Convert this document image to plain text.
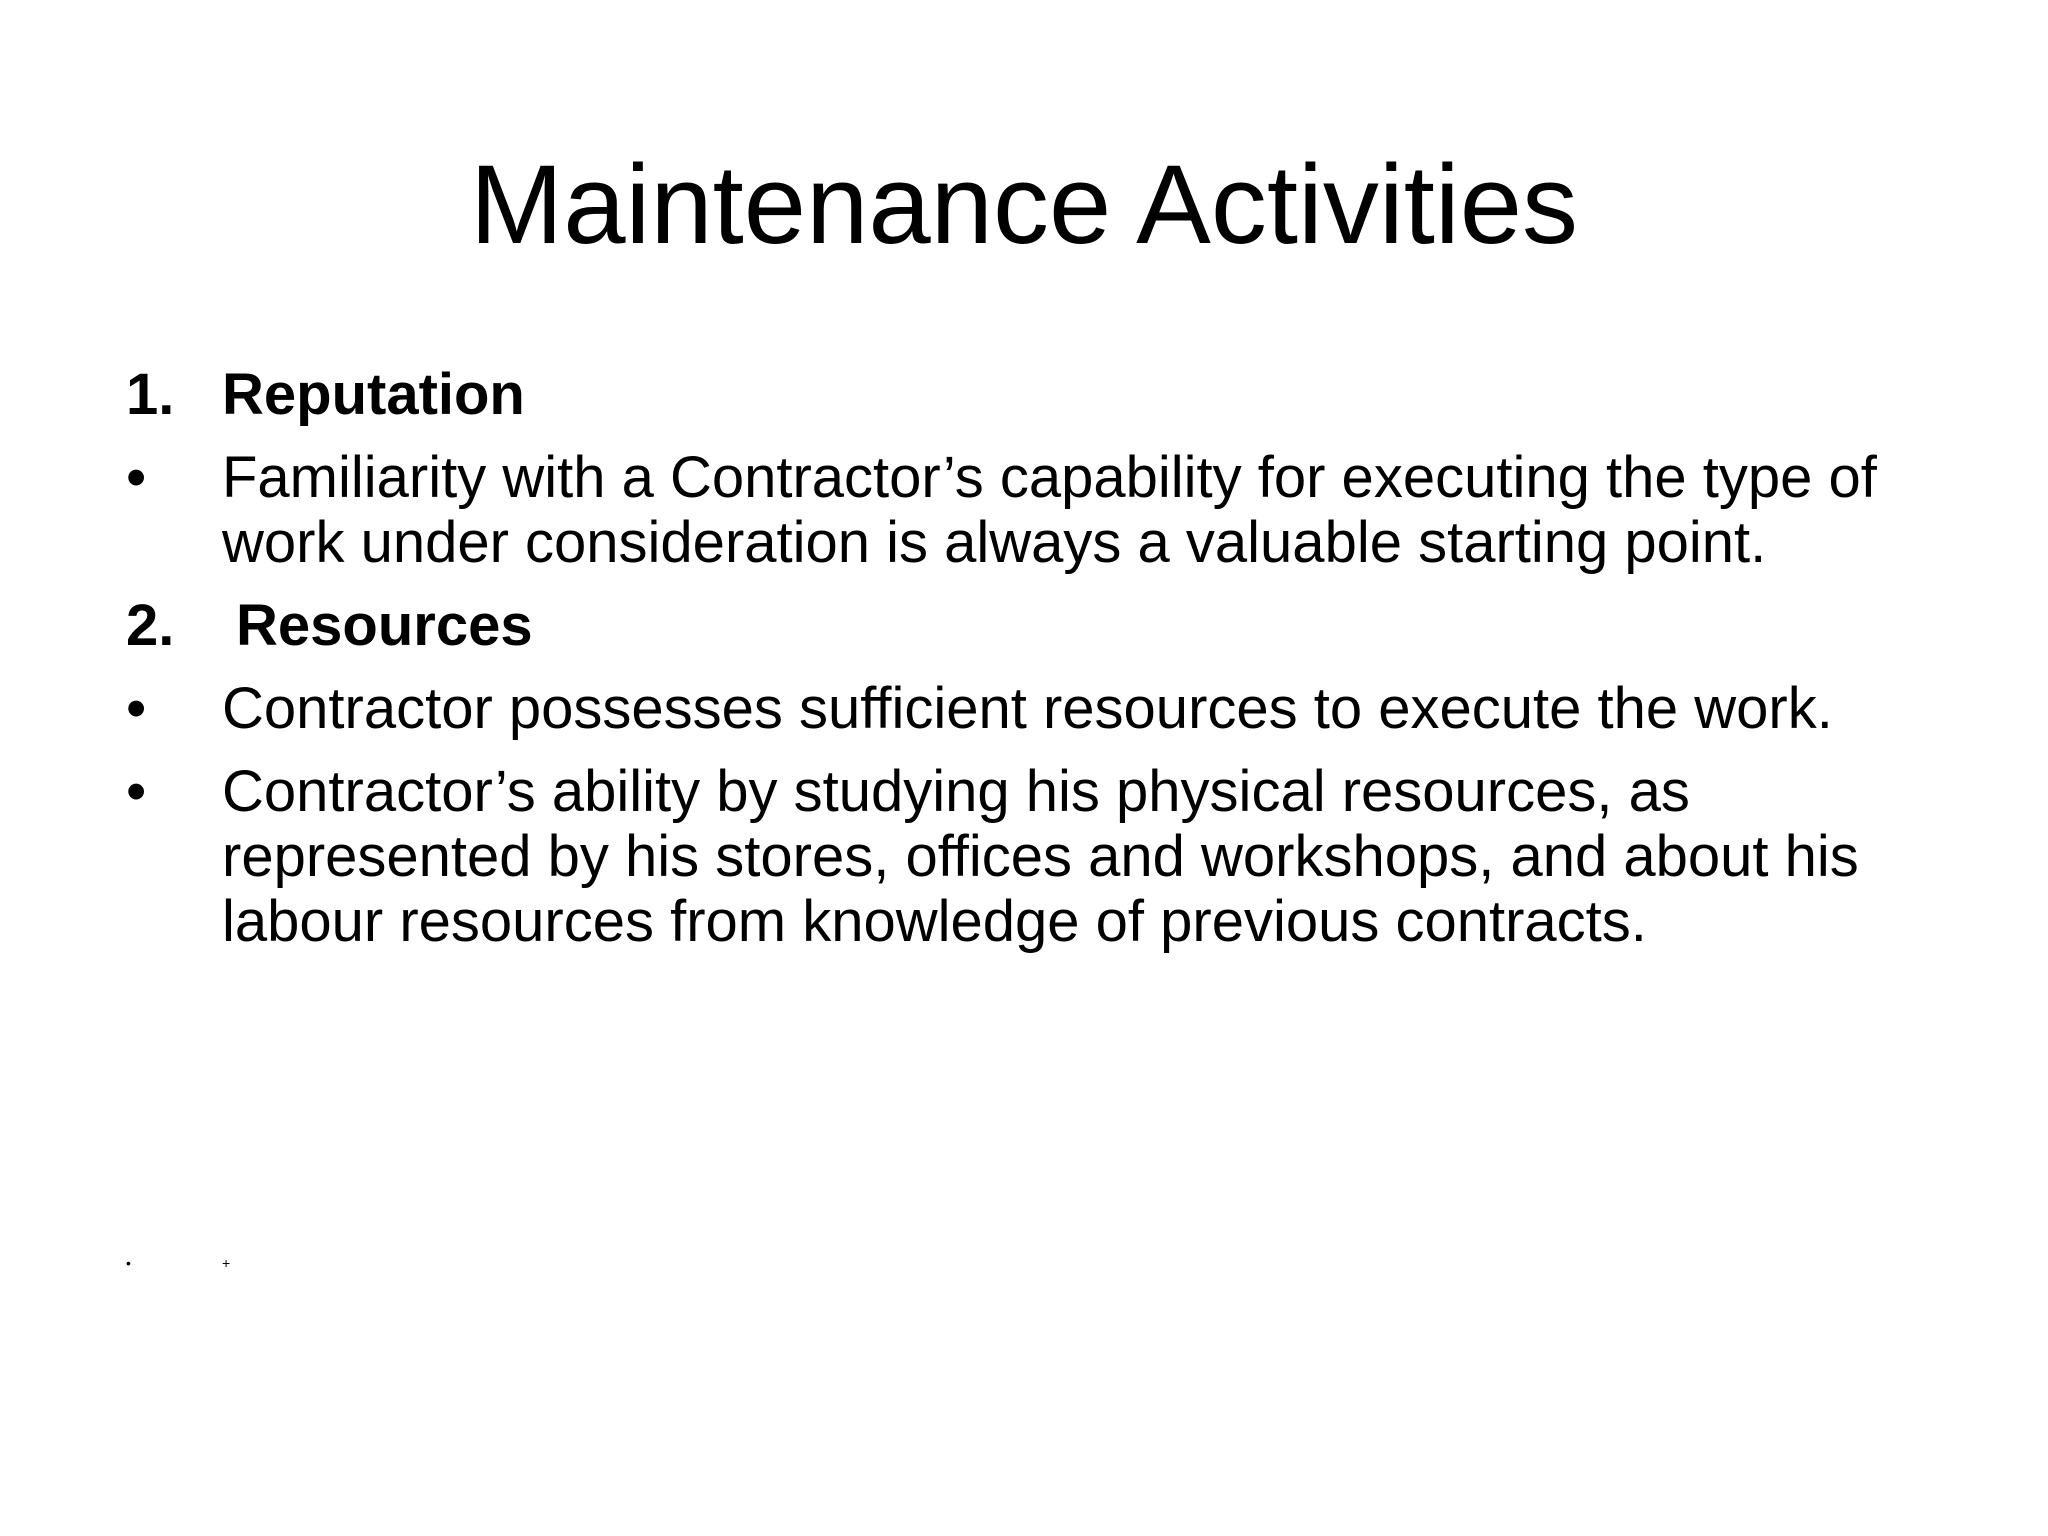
Maintenance Activities
1. Reputation
•	Familiarity with a Contractor’s capability for executing the type of work under consideration is always a valuable starting point.
2.	Resources
•	Contractor possesses sufficient resources to execute the work.
•	Contractor’s ability by studying his physical resources, as represented by his stores, offices and workshops, and about his labour resources from knowledge of previous contracts.
•	+
